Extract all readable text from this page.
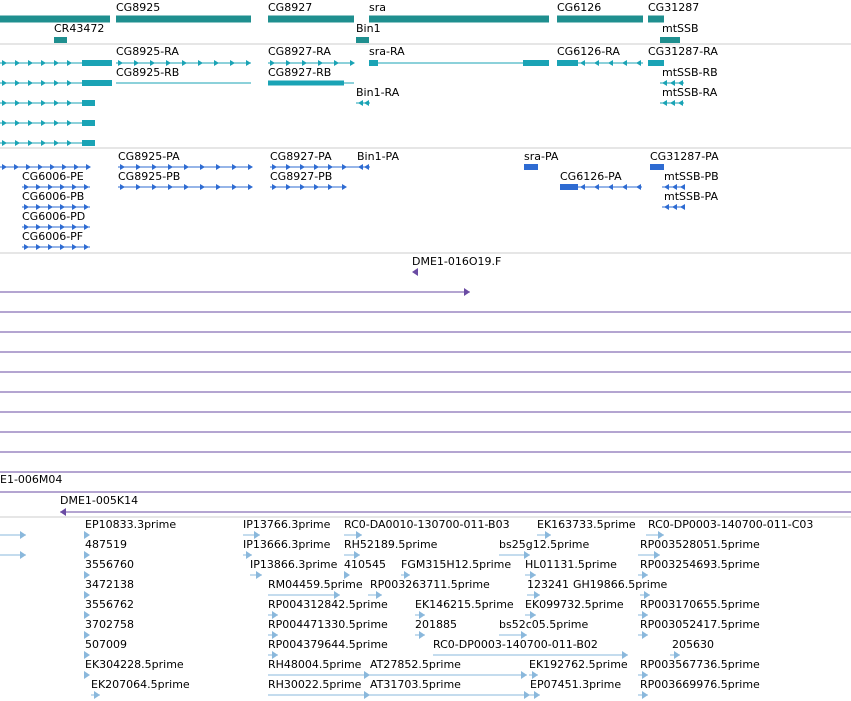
CG8925	CG8927	sra	CG6126	CG31287
CR43472	Bin1	mtSSB
CG8925-RA	CG8927-RA	sra-RA	CG6126-RA	CG31287-RA
CG8925-RB	CG8927-RB	mtSSB-RB
Bin1-RA	mtSSB-RA
CG8925-PA	CG8927-PA Bin1-PA	sra-PA	CG31287-PA
CG6006-PE	CG8925-PB	CG8927-PB	CG6126-PA	mtSSB-PB
CG6006-PB	mtSSB-PA
CG6006-PD
CG6006-PF
DME1-016O19.F
E1-006M04
DME1-005K14
EP10833.3prime	IP13766.3prime RC0-DA0010-130700-011-B03 EK163733.5prime RC0-DP0003-140700-011-C03
487519	IP13666.3prime RH52189.5prime	bs25g12.5prime	RP003528051.5prime
3556760	IP13866.3prime 410545 FGM315H12.5prime HL01131.5prime RP003254693.5prime
3472138	RM04459.5prime RP003263711.5prime	123241 GH19866.5prime
3556762	RP004312842.5prime EK146215.5prime EK099732.5prime RP003170655.5prime
3702758	RP004471330.5prime 201885	bs52c05.5prime	RP003052417.5prime
507009	RP004379644.5prime	RC0-DP0003-140700-011-B02	205630
EK304228.5prime	RH48004.5prime AT27852.5prime	EK192762.5prime RP003567736.5prime
EK207064.5prime	RH30022.5prime AT31703.5prime	EP07451.3prime RP003669976.5prime
